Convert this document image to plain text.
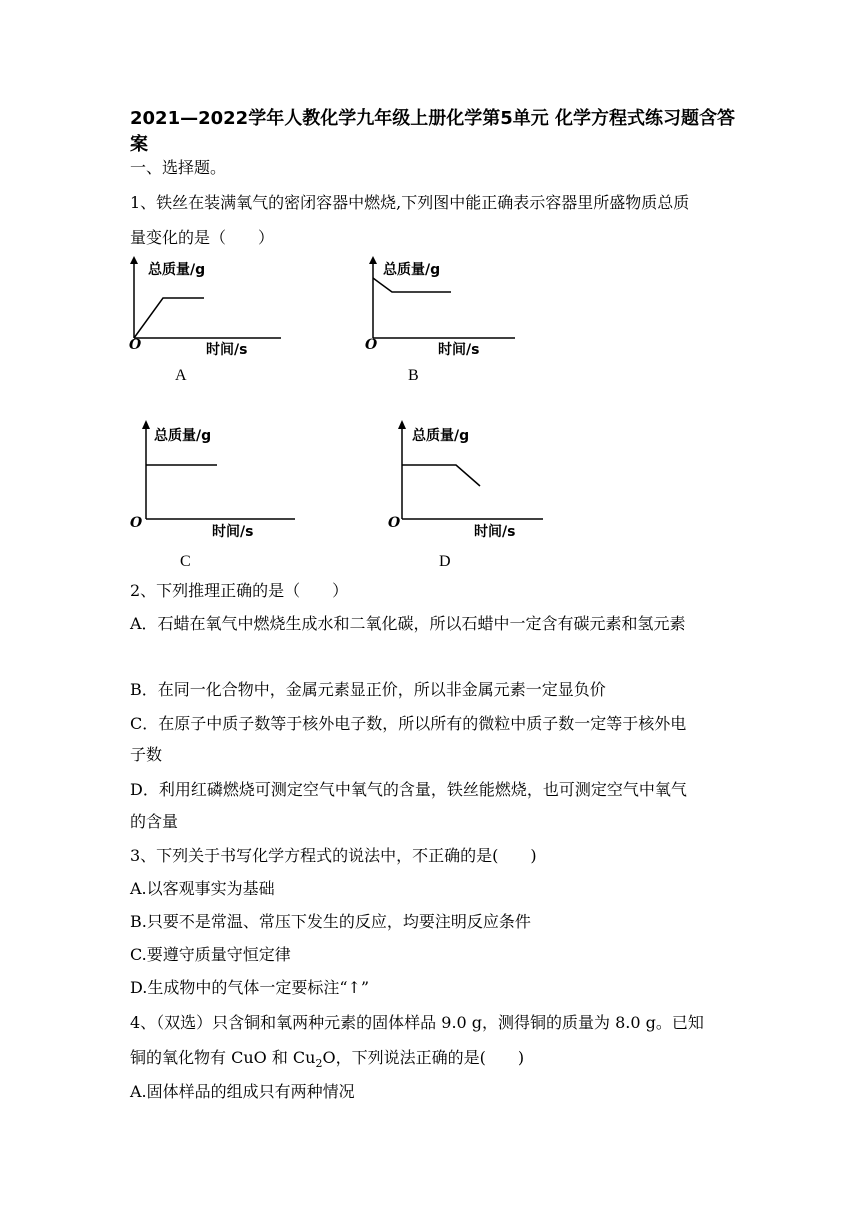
2021—2022学年人教化学九年级上册化学第5单元 化学方程式练习题含答案
一、选择题。
1、铁丝在装满氧气的密闭容器中燃烧,下列图中能正确表示容器里所盛物质总质
量变化的是（　　）
总质量/g
时间/s
O
A
总质量/g
时间/s
O
B
总质量/g
时间/s
O
C
总质量/g
时间/s
O
D
2、下列推理正确的是（　　）
A．石蜡在氧气中燃烧生成水和二氧化碳，所以石蜡中一定含有碳元素和氢元素
B．在同一化合物中，金属元素显正价，所以非金属元素一定显负价
C．在原子中质子数等于核外电子数，所以所有的微粒中质子数一定等于核外电
子数
D．利用红磷燃烧可测定空气中氧气的含量，铁丝能燃烧，也可测定空气中氧气
的含量
3、下列关于书写化学方程式的说法中，不正确的是(　　)
A.以客观事实为基础
B.只要不是常温、常压下发生的反应，均要注明反应条件
C.要遵守质量守恒定律
D.生成物中的气体一定要标注“↑”
4、（双选）只含铜和氧两种元素的固体样品 9.0 g，测得铜的质量为 8.0 g。已知
铜的氧化物有 CuO 和 $Cu_2O$，下列说法正确的是(　　)
A.固体样品的组成只有两种情况
